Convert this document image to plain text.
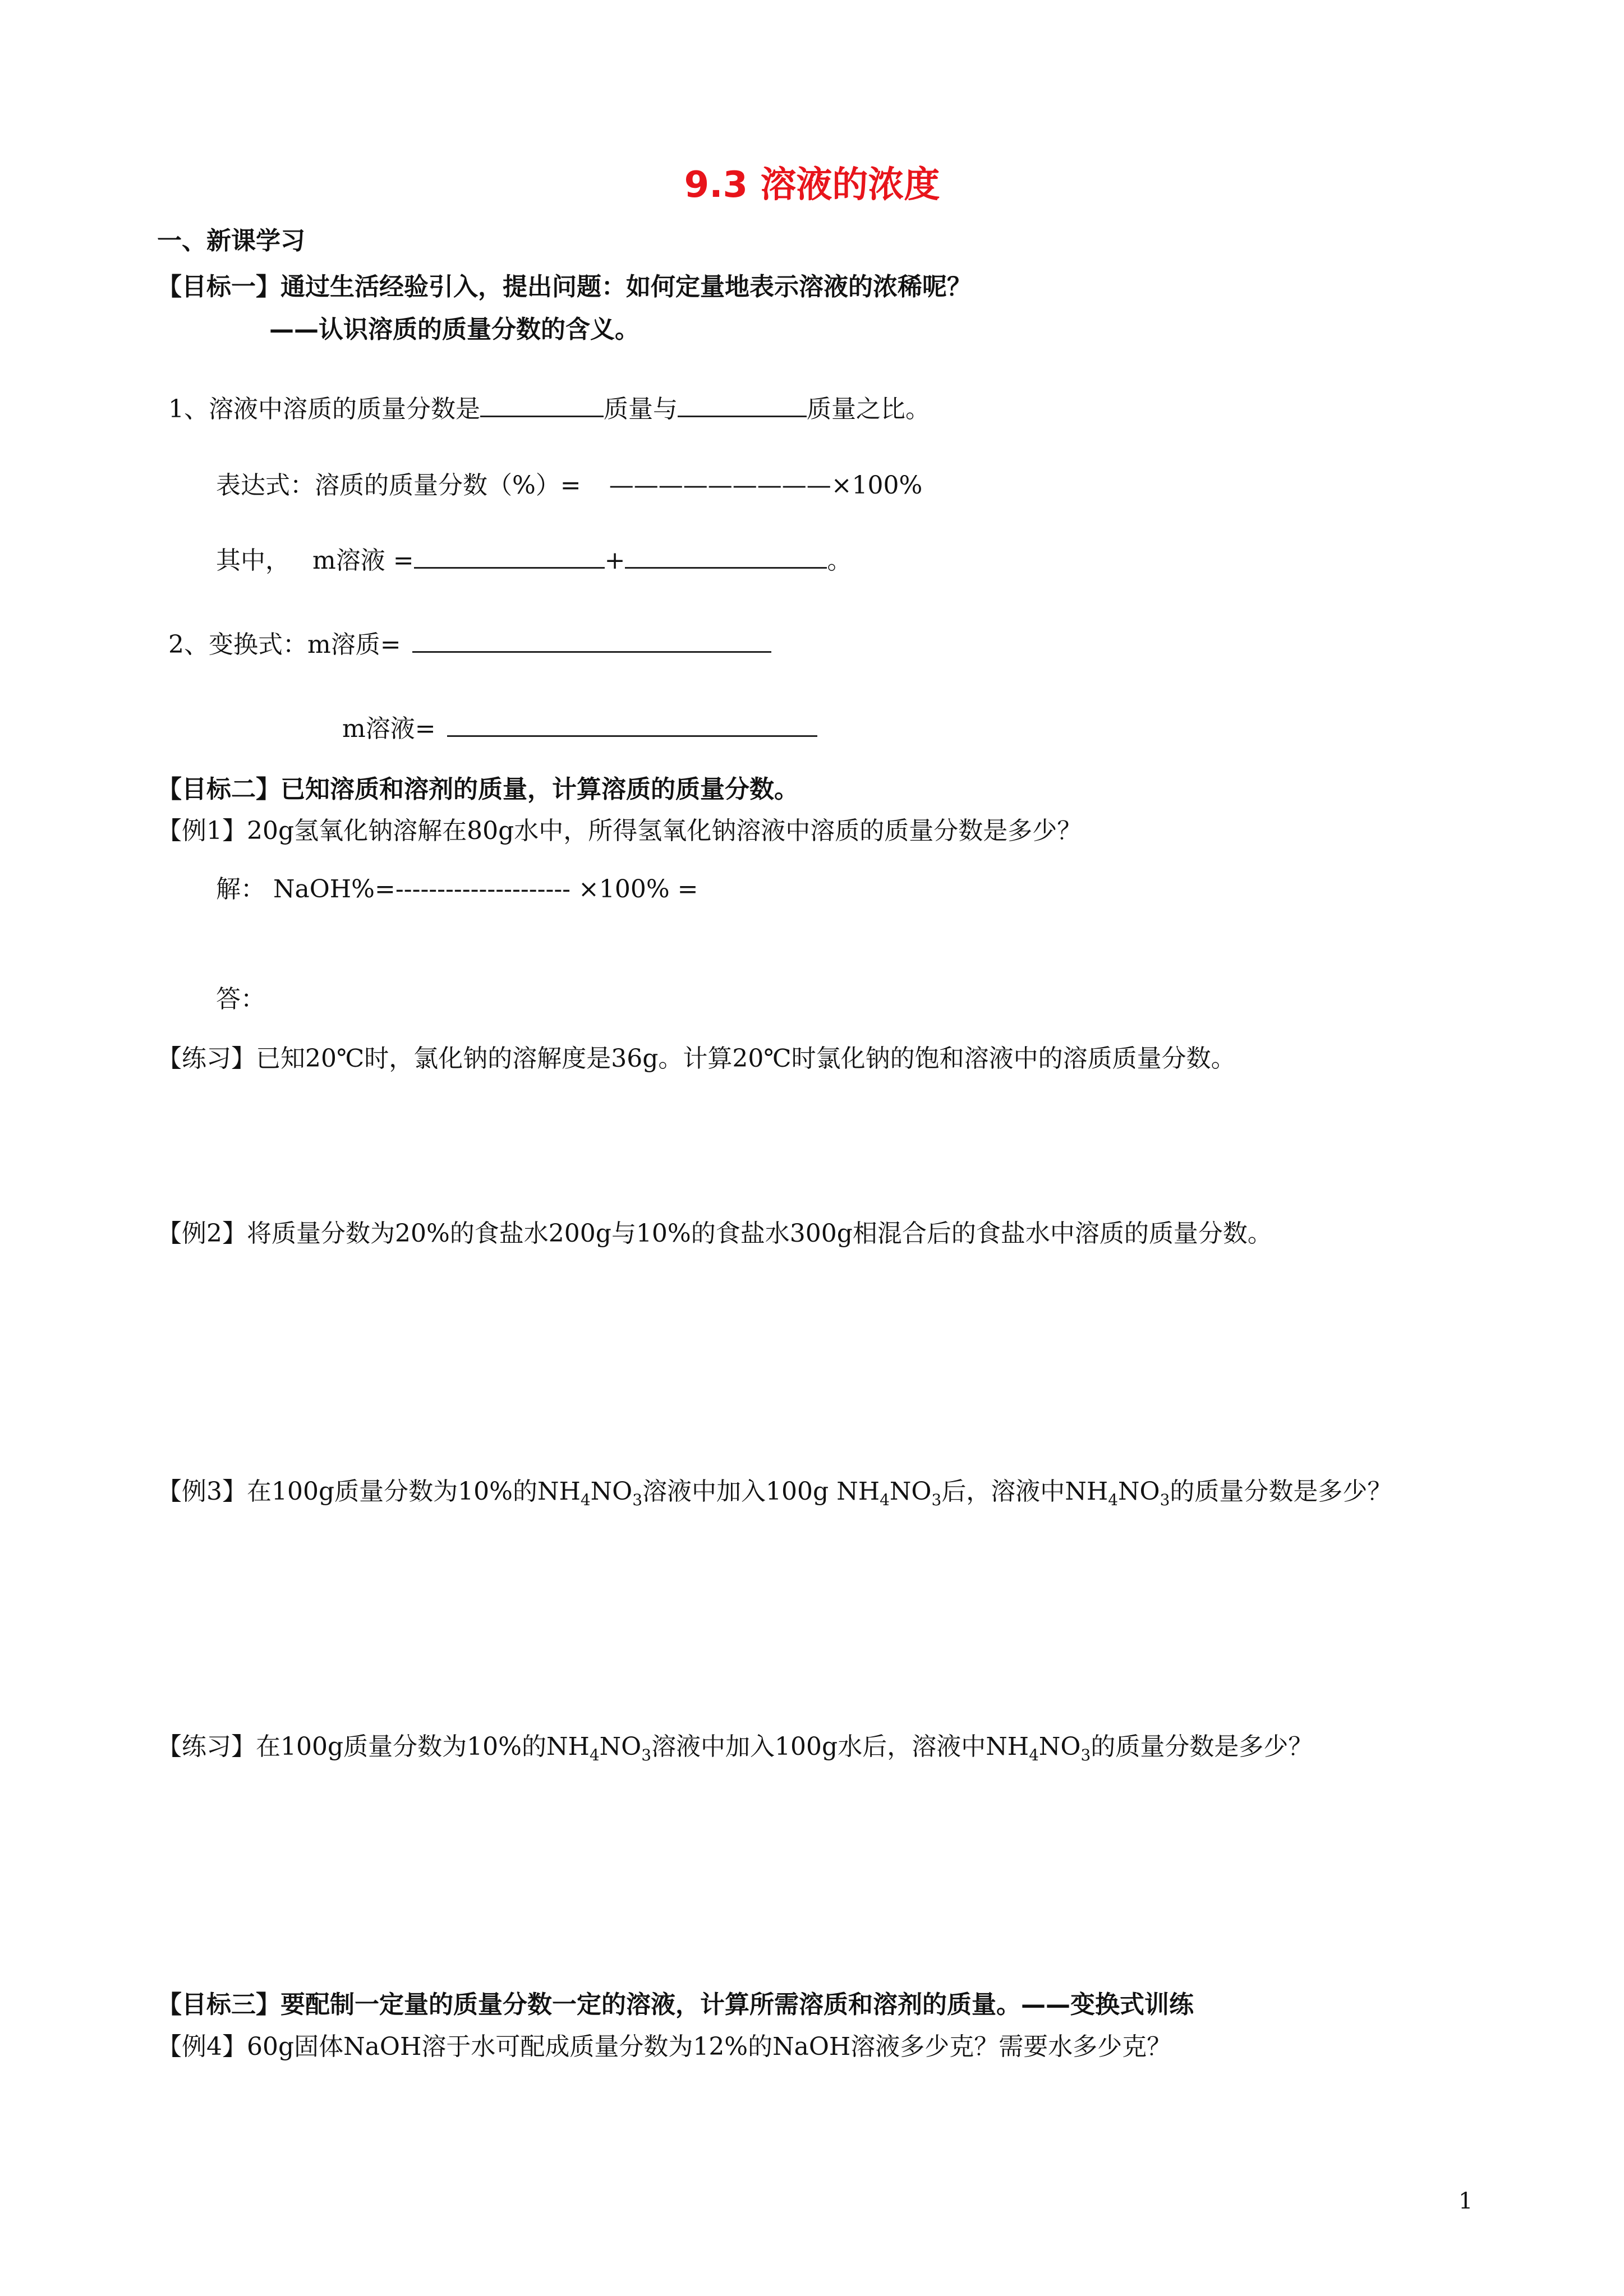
9.3 溶液的浓度
一、新课学习
【目标一】通过生活经验引入，提出问题：如何定量地表示溶液的浓稀呢？
——认识溶质的质量分数的含义。
1、溶液中溶质的质量分数是	质量与	质量之比。
表达式：溶质的质量分数（%）= —————————×100%
其中， m溶液 =	+	。
2、变换式：m溶质=
m溶液=
【目标二】已知溶质和溶剂的质量，计算溶质的质量分数。
【例1】20g氢氧化钠溶解在80g水中，所得氢氧化钠溶液中溶质的质量分数是多少？
解： NaOH%=--------------------- ×100% =
答：
【练习】已知20℃时，氯化钠的溶解度是36g。计算20℃时氯化钠的饱和溶液中的溶质质量分数。
【例2】将质量分数为20%的食盐水200g与10%的食盐水300g相混合后的食盐水中溶质的质量分数。
【例3】在100g质量分数为10%的$NH_4NO_3$溶液中加入100g $NH_4NO_3$后，溶液中$NH_4NO_3$的质量分数是多少？
【练习】在100g质量分数为10%的$NH_4NO_3$溶液中加入100g水后，溶液中$NH_4NO_3$的质量分数是多少？
【目标三】要配制一定量的质量分数一定的溶液，计算所需溶质和溶剂的质量。——变换式训练
【例4】60g固体NaOH溶于水可配成质量分数为12%的NaOH溶液多少克？需要水多少克？
1
